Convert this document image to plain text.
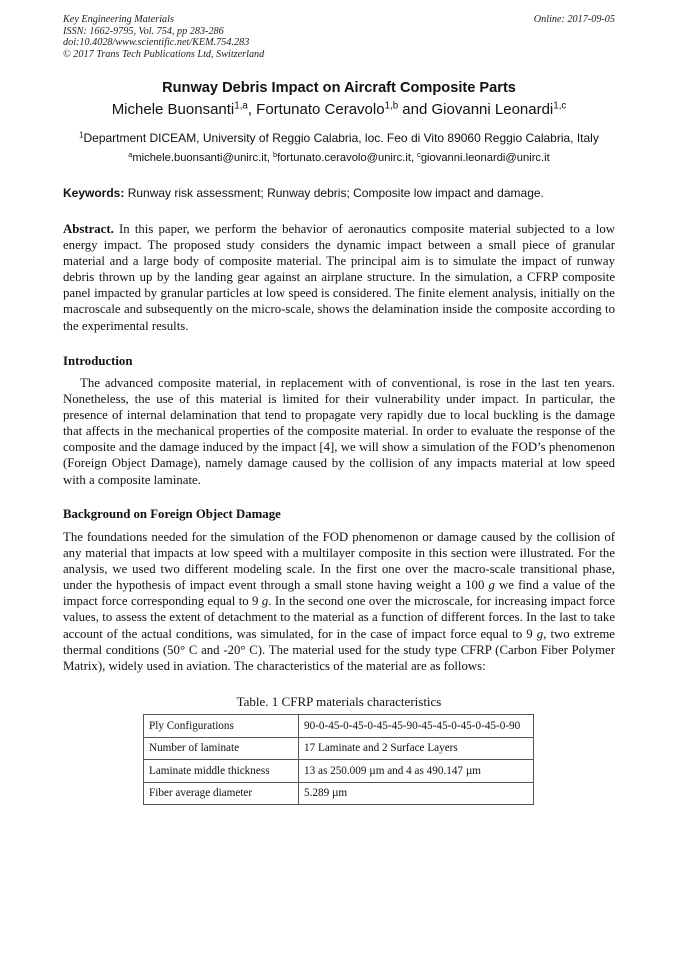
Key Engineering Materials
ISSN: 1662-9795, Vol. 754, pp 283-286
doi:10.4028/www.scientific.net/KEM.754.283
© 2017 Trans Tech Publications Ltd, Switzerland
Online: 2017-09-05
Runway Debris Impact on Aircraft Composite Parts
Michele Buonsanti$^{1,a}$, Fortunato Ceravolo$^{1,b}$ and Giovanni Leonardi$^{1,c}$
$^1$Department DICEAM, University of Reggio Calabria, loc. Feo di Vito 89060 Reggio Calabria, Italy
$^a$michele.buonsanti@unirc.it, $^b$fortunato.ceravolo@unirc.it, $^c$giovanni.leonardi@unirc.it
Keywords: Runway risk assessment; Runway debris; Composite low impact and damage.
Abstract. In this paper, we perform the behavior of aeronautics composite material subjected to a low energy impact. The proposed study considers the dynamic impact between a small piece of granular material and a large body of composite material. The principal aim is to simulate the impact of runway debris thrown up by the landing gear against an airplane structure. In the simulation, a CFRP composite panel impacted by granular particles at low speed is considered. The finite element analysis, initially on the macroscale and subsequently on the micro-scale, shows the delamination inside the composite according to the experimental results.
Introduction
The advanced composite material, in replacement with of conventional, is rose in the last ten years. Nonetheless, the use of this material is limited for their vulnerability under impact. In particular, the presence of internal delamination that tend to propagate very rapidly due to local buckling is the damage that affects in the mechanical properties of the composite material. In order to evaluate the response of the composite and the damage induced by the impact [4], we will show a simulation of the FOD’s phenomenon (Foreign Object Damage), namely damage caused by the collision of any impacts material at low speed with a composite laminate.
Background on Foreign Object Damage
The foundations needed for the simulation of the FOD phenomenon or damage caused by the collision of any material that impacts at low speed with a multilayer composite in this section were illustrated. For the analysis, we used two different modeling scale. In the first one over the macro-scale transitional phase, under the hypothesis of impact event through a small stone having weight a 100 g we find a value of the impact force corresponding equal to 9 g. In the second one over the microscale, for increasing impact force values, to assess the extent of detachment to the material as a function of different forces. In the last to take account of the actual conditions, was simulated, for in the case of impact force equal to 9 g, two extreme thermal conditions (50° C and -20° C). The material used for the study type CFRP (Carbon Fiber Polymer Matrix), widely used in aviation. The characteristics of the material are as follows:
Table. 1 CFRP materials characteristics
Ply Configurations	90-0-45-0-45-0-45-45-90-45-45-0-45-0-45-0-90
Number of laminate	17 Laminate and 2 Surface Layers
Laminate middle thickness	13 as 250.009 µm and 4 as 490.147 µm
Fiber average diameter	5.289 µm
